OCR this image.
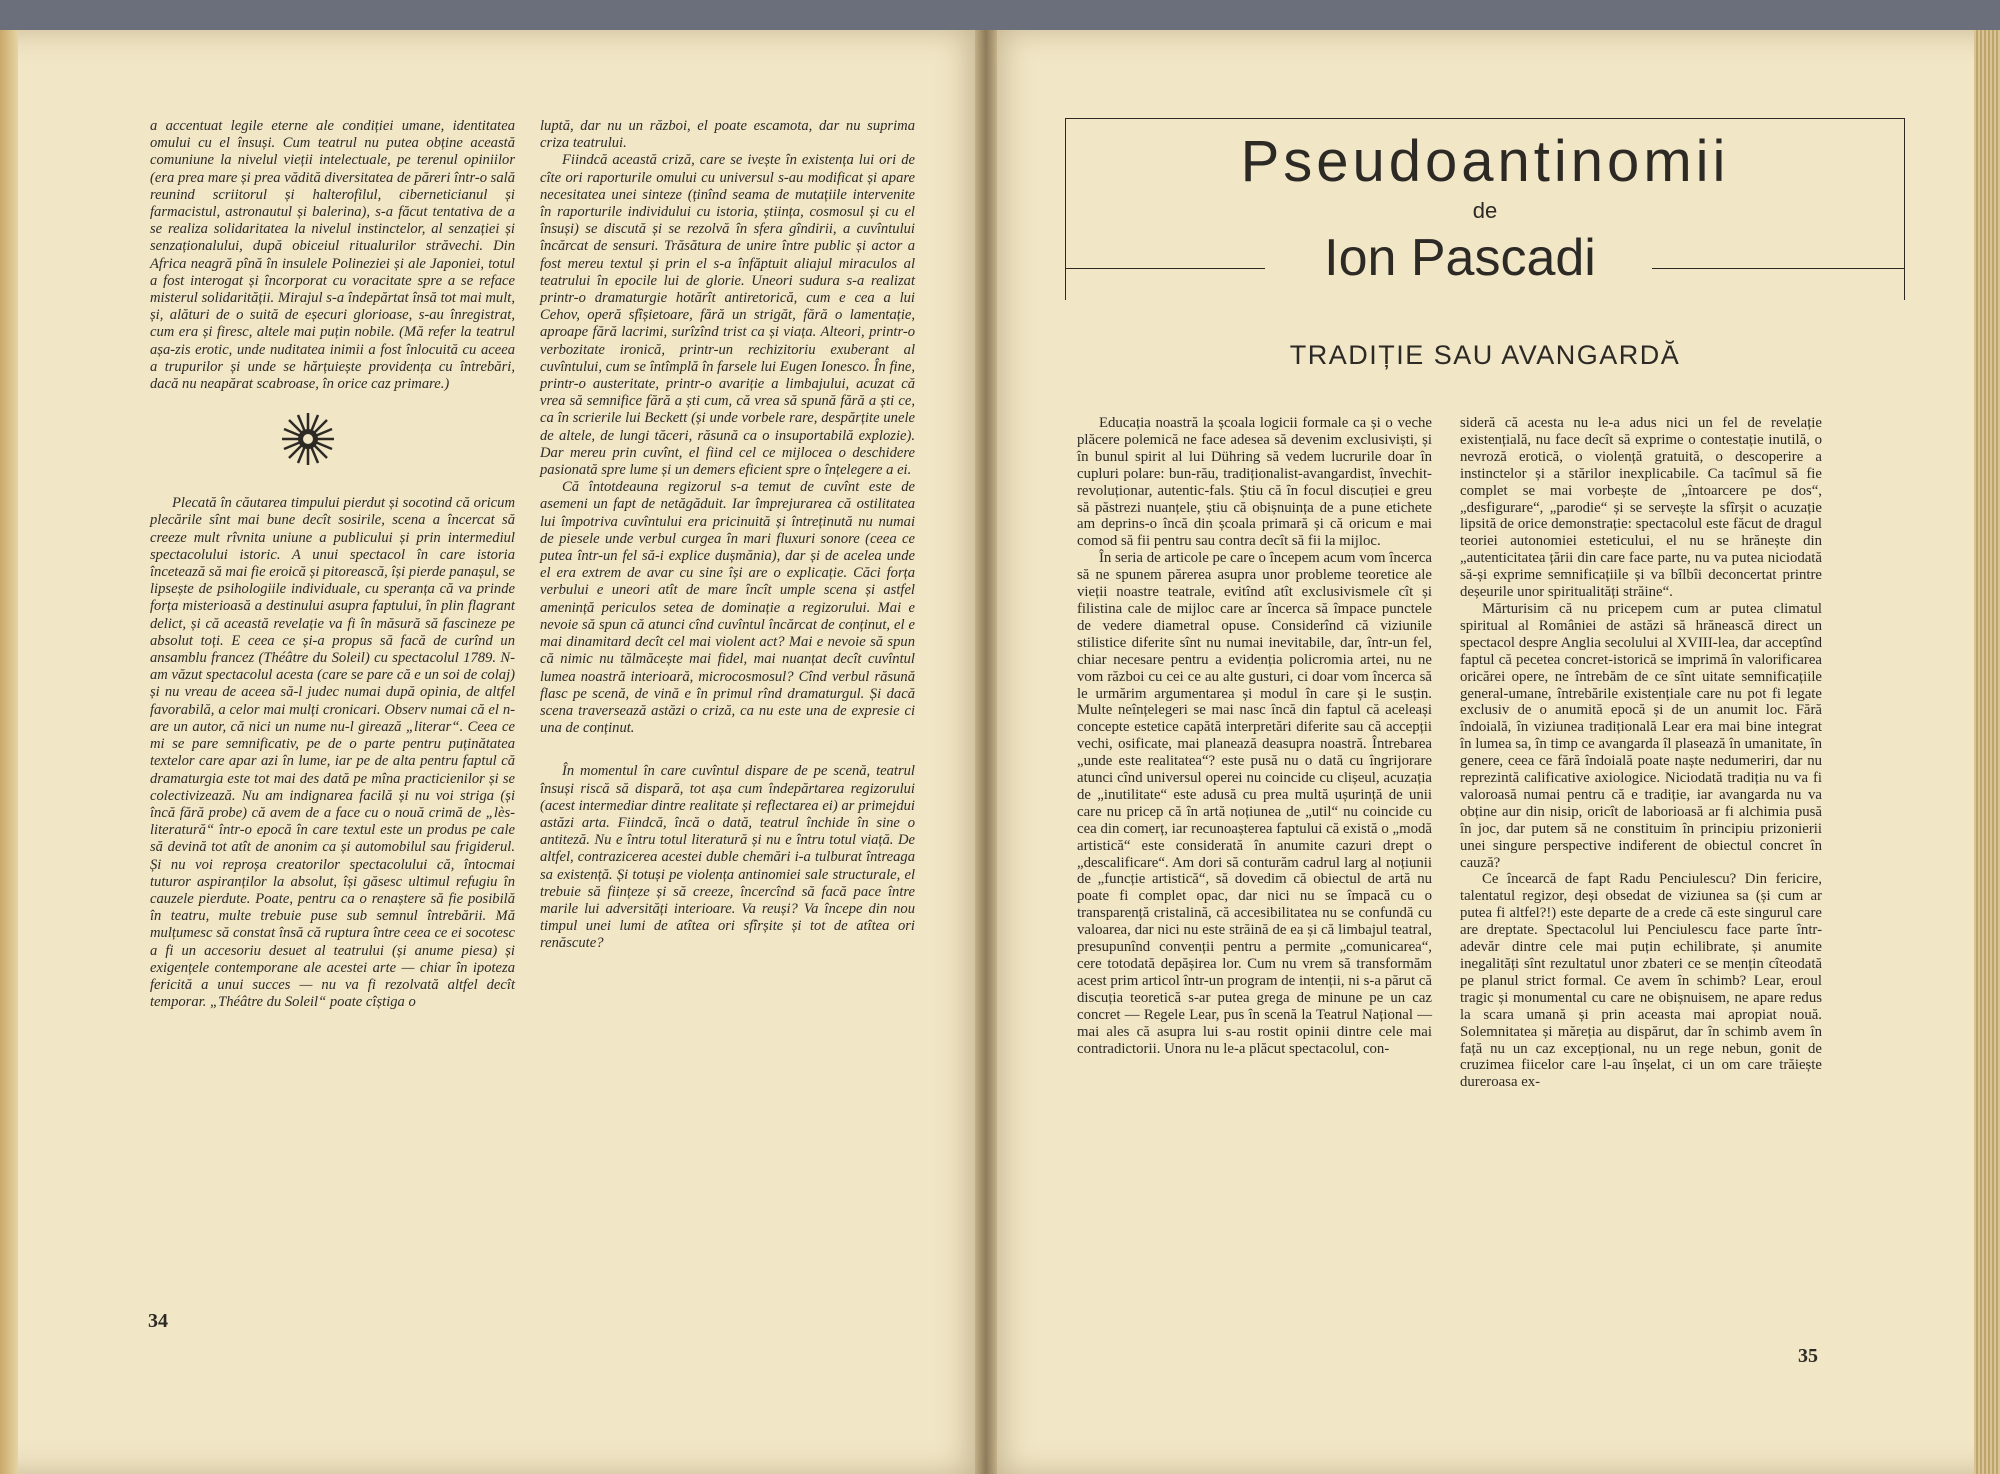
a accentuat legile eterne ale condiției umane, identitatea omului cu el însuși. Cum teatrul nu putea obține această comuniune la nivelul vieții intelectuale, pe terenul opiniilor (era prea mare și prea vădită diversitatea de păreri într-o sală reunind scriitorul și halterofilul, ciberneticianul și farmacistul, astronautul și balerina), s-a făcut tentativa de a se realiza solidaritatea la nivelul instinctelor, al senzației și senzaționalului, după obiceiul ritualurilor străvechi. Din Africa neagră pînă în insulele Polineziei și ale Japoniei, totul a fost interogat și încorporat cu voracitate spre a se reface misterul solidarității. Mirajul s-a îndepărtat însă tot mai mult, și, alături de o suită de eșecuri glorioase, s-au înregistrat, cum era și firesc, altele mai puțin nobile. (Mă refer la teatrul așa-zis erotic, unde nuditatea inimii a fost înlocuită cu aceea a trupurilor și unde se hărțuiește providența cu întrebări, dacă nu neapărat scabroase, în orice caz primare.)

Plecată în căutarea timpului pierdut și socotind că oricum plecările sînt mai bune decît sosirile, scena a încercat să creeze mult rîvnita uniune a publicului și prin intermediul spectacolului istoric. A unui spectacol în care istoria încetează să mai fie eroică și pitorească, își pierde panașul, se lipsește de psihologiile individuale, cu speranța că va prinde forța misterioasă a destinului asupra faptului, în plin flagrant delict, și că această revelație va fi în măsură să fascineze pe absolut toți. E ceea ce și-a propus să facă de curînd un ansamblu francez (Théâtre du Soleil) cu spectacolul 1789. N-am văzut spectacolul acesta (care se pare că e un soi de colaj) și nu vreau de aceea să-l judec numai după opinia, de altfel favorabilă, a celor mai mulți cronicari. Observ numai că el n-are un autor, că nici un nume nu-l girează „literar“. Ceea ce mi se pare semnificativ, pe de o parte pentru puținătatea textelor care apar azi în lume, iar pe de alta pentru faptul că dramaturgia este tot mai des dată pe mîna practicienilor și se colectivizează. Nu am indignarea facilă și nu voi striga (și încă fără probe) că avem de a face cu o nouă crimă de „lès-literatură“ într-o epocă în care textul este un produs pe cale să devină tot atît de anonim ca și automobilul sau frigiderul. Și nu voi reproșa creatorilor spectacolului că, întocmai tuturor aspiranților la absolut, își găsesc ultimul refugiu în cauzele pierdute. Poate, pentru ca o renaștere să fie posibilă în teatru, multe trebuie puse sub semnul întrebării. Mă mulțumesc să constat însă că ruptura între ceea ce ei socotesc a fi un accesoriu desuet al teatrului (și anume piesa) și exigențele contemporane ale acestei arte — chiar în ipoteza fericită a unui succes — nu va fi rezolvată altfel decît temporar. „Théâtre du Soleil“ poate cîștiga o

luptă, dar nu un război, el poate escamota, dar nu suprima criza teatrului.

Fiindcă această criză, care se ivește în existența lui ori de cîte ori raporturile omului cu universul s-au modificat și apare necesitatea unei sinteze (ținînd seama de mutațiile intervenite în raporturile individului cu istoria, știința, cosmosul și cu el însuși) se discută și se rezolvă în sfera gîndirii, a cuvîntului încărcat de sensuri. Trăsătura de unire între public și actor a fost mereu textul și prin el s-a înfăptuit aliajul miraculos al teatrului în epocile lui de glorie. Uneori sudura s-a realizat printr-o dramaturgie hotărît antiretorică, cum e cea a lui Cehov, operă sfîșietoare, fără un strigăt, fără o lamentație, aproape fără lacrimi, surîzînd trist ca și viața. Alteori, printr-o verbozitate ironică, printr-un rechizitoriu exuberant al cuvîntului, cum se întîmplă în farsele lui Eugen Ionesco. În fine, printr-o austeritate, printr-o avariție a limbajului, acuzat că vrea să semnifice fără a ști cum, că vrea să spună fără a ști ce, ca în scrierile lui Beckett (și unde vorbele rare, despărțite unele de altele, de lungi tăceri, răsună ca o insuportabilă explozie). Dar mereu prin cuvînt, el fiind cel ce mijlocea o deschidere pasionată spre lume și un demers eficient spre o înțelegere a ei.

Că întotdeauna regizorul s-a temut de cuvînt este de asemeni un fapt de netăgăduit. Iar împrejurarea că ostilitatea lui împotriva cuvîntului era pricinuită și întreținută nu numai de piesele unde verbul curgea în mari fluxuri sonore (ceea ce putea într-un fel să-i explice dușmănia), dar și de acelea unde el era extrem de avar cu sine își are o explicație. Căci forța verbului e uneori atît de mare încît umple scena și astfel amenință periculos setea de dominație a regizorului. Mai e nevoie să spun că atunci cînd cuvîntul încărcat de conținut, el e mai dinamitard decît cel mai violent act? Mai e nevoie să spun că nimic nu tălmăcește mai fidel, mai nuanțat decît cuvîntul lumea noastră interioară, microcosmosul? Cînd verbul răsună flasc pe scenă, de vină e în primul rînd dramaturgul. Și dacă scena traversează astăzi o criză, ca nu este una de expresie ci una de conținut.

În momentul în care cuvîntul dispare de pe scenă, teatrul însuși riscă să dispară, tot așa cum îndepărtarea regizorului (acest intermediar dintre realitate și reflectarea ei) ar primejdui astăzi arta. Fiindcă, încă o dată, teatrul închide în sine o antiteză. Nu e întru totul literatură și nu e întru totul viață. De altfel, contrazicerea acestei duble chemări i-a tulburat întreaga sa existență. Și totuși pe violența antinomiei sale structurale, el trebuie să ființeze și să creeze, încercînd să facă pace între marile lui adversități interioare. Va reuși? Va începe din nou timpul unei lumi de atîtea ori sfîrșite și tot de atîtea ori renăscute?

34
Pseudoantinomii
de
Ion Pascadi
TRADIȚIE SAU AVANGARDĂ

Educația noastră la școala logicii formale ca și o veche plăcere polemică ne face adesea să devenim exclusiviști, și în bunul spirit al lui Dühring să vedem lucrurile doar în cupluri polare: bun-rău, tradiționalist-avangardist, învechit-revoluționar, autentic-fals. Știu că în focul discuției e greu să păstrezi nuanțele, știu că obișnuința de a pune etichete am deprins-o încă din școala primară și că oricum e mai comod să fii pentru sau contra decît să fii la mijloc.

În seria de articole pe care o începem acum vom încerca să ne spunem părerea asupra unor probleme teoretice ale vieții noastre teatrale, evitînd atît exclusivismele cît și filistina cale de mijloc care ar încerca să împace punctele de vedere diametral opuse. Considerînd că viziunile stilistice diferite sînt nu numai inevitabile, dar, într-un fel, chiar necesare pentru a evidenția policromia artei, nu ne vom război cu cei ce au alte gusturi, ci doar vom încerca să le urmărim argumentarea și modul în care și le susțin. Multe neînțelegeri se mai nasc încă din faptul că aceleași concepte estetice capătă interpretări diferite sau că accepții vechi, osificate, mai planează deasupra noastră. Întrebarea „unde este realitatea“? este pusă nu o dată cu îngrijorare atunci cînd universul operei nu coincide cu clișeul, acuzația de „inutilitate“ este adusă cu prea multă ușurință de unii care nu pricep că în artă noțiunea de „util“ nu coincide cu cea din comerț, iar recunoașterea faptului că există o „modă artistică“ este considerată în anumite cazuri drept o „descalificare“. Am dori să conturăm cadrul larg al noțiunii de „funcție artistică“, să dovedim că obiectul de artă nu poate fi complet opac, dar nici nu se împacă cu o transparență cristalină, că accesibilitatea nu se confundă cu valoarea, dar nici nu este străină de ea și că limbajul teatral, presupunînd convenții pentru a permite „comunicarea“, cere totodată depășirea lor. Cum nu vrem să transformăm acest prim articol într-un program de intenții, ni s-a părut că discuția teoretică s-ar putea grega de minune pe un caz concret — Regele Lear, pus în scenă la Teatrul Național — mai ales că asupra lui s-au rostit opinii dintre cele mai contradictorii. Unora nu le-a plăcut spectacolul, con-

sideră că acesta nu le-a adus nici un fel de revelație existențială, nu face decît să exprime o contestație inutilă, o nevroză erotică, o violență gratuită, o descoperire a instinctelor și a stărilor inexplicabile. Ca tacîmul să fie complet se mai vorbește de „întoarcere pe dos“, „desfigurare“, „parodie“ și se servește la sfîrșit o acuzație lipsită de orice demonstrație: spectacolul este făcut de dragul teoriei autonomiei esteticului, el nu se hrănește din „autenticitatea țării din care face parte, nu va putea niciodată să-și exprime semnificațiile și va bîlbîi deconcertat printre deșeurile unor spiritualități străine“.

Mărturisim că nu pricepem cum ar putea climatul spiritual al României de astăzi să hrănească direct un spectacol despre Anglia secolului al XVIII-lea, dar acceptînd faptul că pecetea concret-istorică se imprimă în valorificarea oricărei opere, ne întrebăm de ce sînt uitate semnificațiile general-umane, întrebările existențiale care nu pot fi legate exclusiv de o anumită epocă și de un anumit loc. Fără îndoială, în viziunea tradițională Lear era mai bine integrat în lumea sa, în timp ce avangarda îl plasează în umanitate, în genere, ceea ce fără îndoială poate naște nedumeriri, dar nu reprezintă calificative axiologice. Niciodată tradiția nu va fi valoroasă numai pentru că e tradiție, iar avangarda nu va obține aur din nisip, oricît de laborioasă ar fi alchimia pusă în joc, dar putem să ne constituim în principiu prizonierii unei singure perspective indiferent de obiectul concret în cauză?

Ce încearcă de fapt Radu Penciulescu? Din fericire, talentatul regizor, deși obsedat de viziunea sa (și cum ar putea fi altfel?!) este departe de a crede că este singurul care are dreptate. Spectacolul lui Penciulescu face parte într-adevăr dintre cele mai puțin echilibrate, și anumite inegalități sînt rezultatul unor zbateri ce se mențin cîteodată pe planul strict formal. Ce avem în schimb? Lear, eroul tragic și monumental cu care ne obișnuisem, ne apare redus la scara umană și prin aceasta mai apropiat nouă. Solemnitatea și măreția au dispărut, dar în schimb avem în față nu un caz excepțional, nu un rege nebun, gonit de cruzimea fiicelor care l-au înșelat, ci un om care trăiește dureroasa ex-

35
